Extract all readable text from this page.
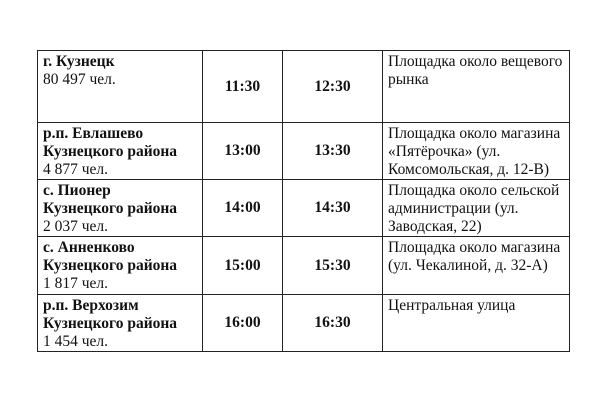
г. Кузнецк
80 497 чел.	11:30	12:30	Площадка около вещевого
рынка

р.п. Евлашево
Кузнецкого района
4 877 чел.	13:00	13:30	Площадка около магазина
«Пятёрочка» (ул.
Комсомольская, д. 12-В)

с. Пионер
Кузнецкого района
2 037 чел.	14:00	14:30	Площадка около сельской
администрации (ул.
Заводская, 22)

с. Анненково
Кузнецкого района
1 817 чел.	15:00	15:30	Площадка около магазина
(ул. Чекалиной, д. 32-А)

р.п. Верхозим
Кузнецкого района
1 454 чел.	16:00	16:30	Центральная улица
